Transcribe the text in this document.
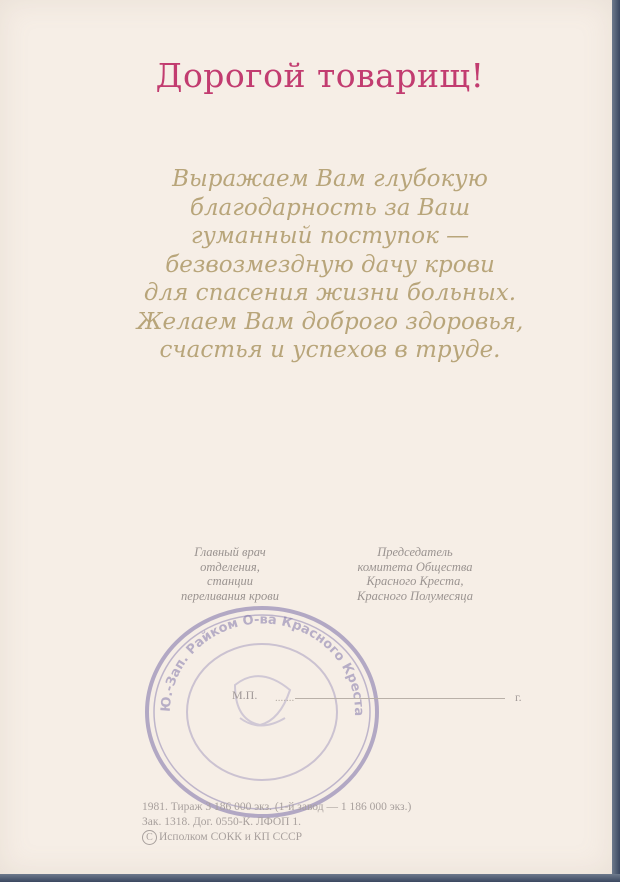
Дорогой товарищ!
Выражаем Вам глубокую
благодарность за Ваш
гуманный поступок —
безвозмездную дачу крови
для спасения жизни больных.
Желаем Вам доброго здоровья,
счастья и успехов в труде.
Главный врач
отделения,
станции
переливания крови
Председатель
комитета Общества
Красного Креста,
Красного Полумесяца
Ю.-Зап. Райком О-ва Красного Креста
М.П. .......	г.
1981. Тираж 3 186 000 экз. (1-й завод — 1 186 000 экз.)
Зак. 1318. Дог. 0550-К. ЛФОП 1.
C Исполком СОКК и КП СССР
